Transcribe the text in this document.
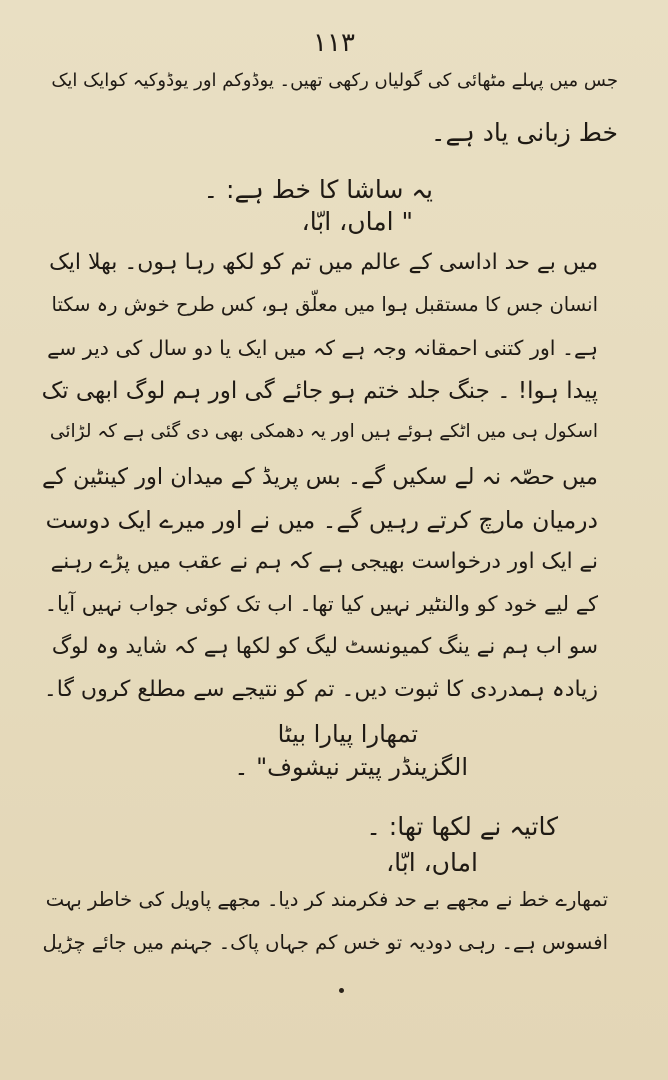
۱۱۳
جس میں پہلے مٹھائی کی گولیاں رکھی تھیں۔ یوڈوکم اور یوڈوکیہ کوایک ایک
خط زبانی یاد ہے۔
یہ ساشا کا خط ہے: ۔
" اماں، ابّا،
میں بے حد اداسی کے عالم میں تم کو لکھ رہا ہوں۔ بھلا ایک
انسان جس کا مستقبل ہوا میں معلّق ہو، کس طرح خوش رہ سکتا
ہے۔ اور کتنی احمقانہ وجہ ہے کہ میں ایک یا دو سال کی دیر سے
پیدا ہوا! ۔ جنگ جلد ختم ہو جائے گی اور ہم لوگ ابھی تک
اسکول ہی میں اٹکے ہوئے ہیں اور یہ دھمکی بھی دی گئی ہے کہ لڑائی
میں حصّہ نہ لے سکیں گے۔ بس پریڈ کے میدان اور کینٹین کے
درمیان مارچ کرتے رہیں گے۔ میں نے اور میرے ایک دوست
نے ایک اور درخواست بھیجی ہے کہ ہم نے عقب میں پڑے رہنے
کے لیے خود کو والنٹیر نہیں کیا تھا۔ اب تک کوئی جواب نہیں آیا۔
سو اب ہم نے ینگ کمیونسٹ لیگ کو لکھا ہے کہ شاید وہ لوگ
زیادہ ہمدردی کا ثبوت دیں۔ تم کو نتیجے سے مطلع کروں گا۔
تمھارا پیارا بیٹا
الگزینڈر پیتر نیشوف" ۔
کاتیہ نے لکھا تھا: ۔
اماں، ابّا،
تمھارے خط نے مجھے بے حد فکرمند کر دیا۔ مجھے پاویل کی خاطر بہت
افسوس ہے۔ رہی دودیہ تو خس کم جہاں پاک۔ جہنم میں جائے چڑیل
